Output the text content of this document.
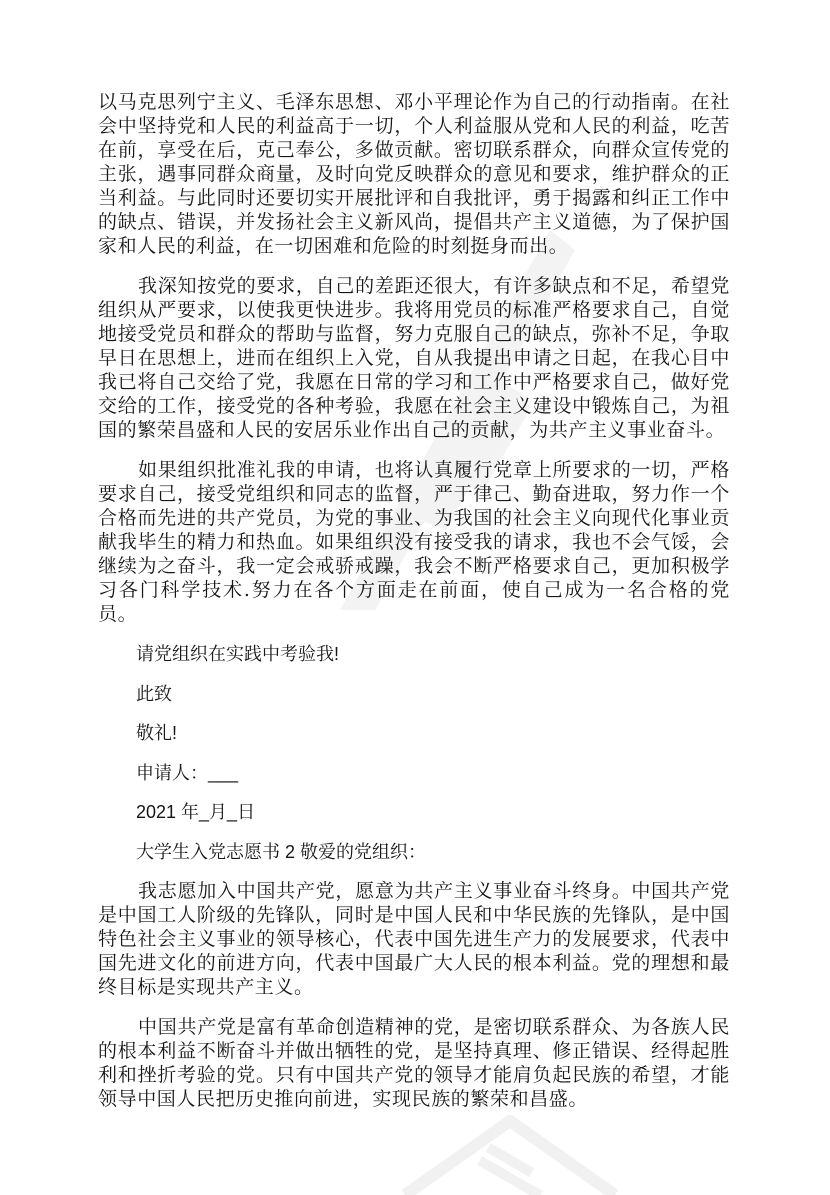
以马克思列宁主义、毛泽东思想、邓小平理论作为自己的行动指南。在社会中坚持党和人民的利益高于一切，个人利益服从党和人民的利益，吃苦在前，享受在后，克己奉公，多做贡献。密切联系群众，向群众宣传党的主张，遇事同群众商量，及时向党反映群众的意见和要求，维护群众的正当利益。与此同时还要切实开展批评和自我批评，勇于揭露和纠正工作中的缺点、错误，并发扬社会主义新风尚，提倡共产主义道德，为了保护国家和人民的利益，在一切困难和危险的时刻挺身而出。

我深知按党的要求，自己的差距还很大，有许多缺点和不足，希望党组织从严要求，以使我更快进步。我将用党员的标准严格要求自己，自觉地接受党员和群众的帮助与监督，努力克服自己的缺点，弥补不足，争取早日在思想上，进而在组织上入党，自从我提出申请之日起，在我心目中我已将自己交给了党，我愿在日常的学习和工作中严格要求自己，做好党交给的工作，接受党的各种考验，我愿在社会主义建设中锻炼自己，为祖国的繁荣昌盛和人民的安居乐业作出自己的贡献，为共产主义事业奋斗。

如果组织批准礼我的申请，也将认真履行党章上所要求的一切，严格要求自己，接受党组织和同志的监督，严于律己、勤奋进取，努力作一个合格而先进的共产党员，为党的事业、为我国的社会主义向现代化事业贡献我毕生的精力和热血。如果组织没有接受我的请求，我也不会气馁，会继续为之奋斗，我一定会戒骄戒躁，我会不断严格要求自己，更加积极学习各门科学技术.努力在各个方面走在前面，使自己成为一名合格的党员。

请党组织在实践中考验我!

此致

敬礼!

申请人：___

2021 年_月_日

大学生入党志愿书 2 敬爱的党组织：

我志愿加入中国共产党，愿意为共产主义事业奋斗终身。中国共产党是中国工人阶级的先锋队，同时是中国人民和中华民族的先锋队，是中国特色社会主义事业的领导核心，代表中国先进生产力的发展要求，代表中国先进文化的前进方向，代表中国最广大人民的根本利益。党的理想和最终目标是实现共产主义。

中国共产党是富有革命创造精神的党，是密切联系群众、为各族人民的根本利益不断奋斗并做出牺牲的党，是坚持真理、修正错误、经得起胜利和挫折考验的党。只有中国共产党的领导才能肩负起民族的希望，才能领导中国人民把历史推向前进，实现民族的繁荣和昌盛。
